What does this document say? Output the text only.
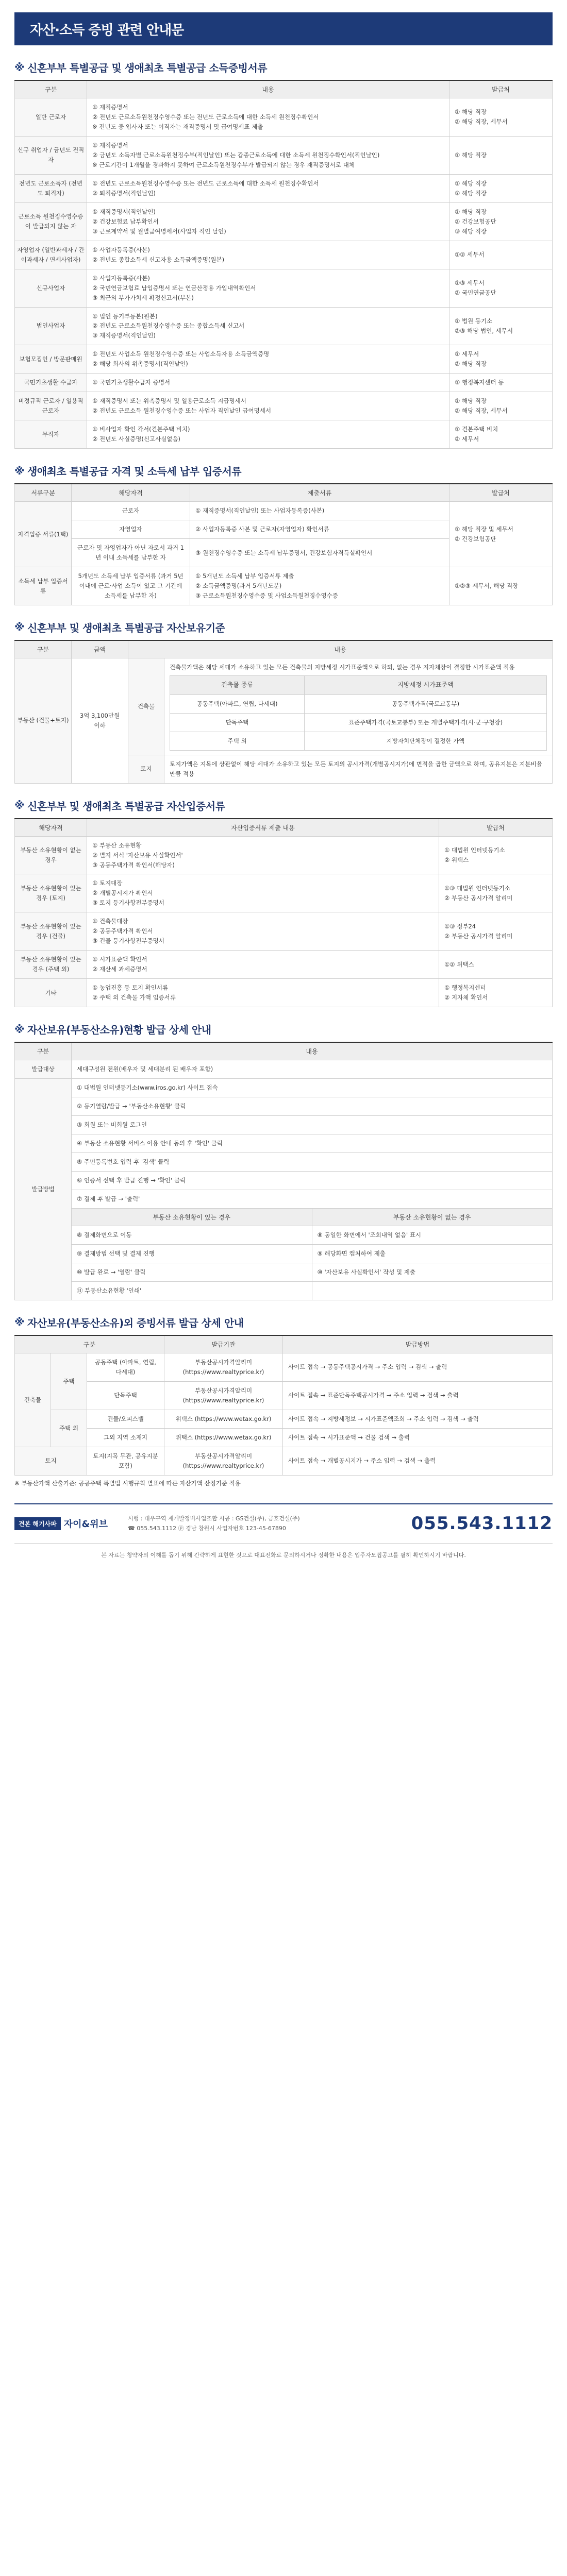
자산·소득 증빙 관련 안내문
※ 신혼부부 특별공급 및 생애최초 특별공급 소득증빙서류
구분	내용	발급처
일반 근로자	① 재직증명서
② 전년도 근로소득원천징수영수증 또는 전년도 근로소득에 대한 소득세 원천징수확인서
※ 전년도 중 입사자 또는 이직자는 재직증명서 및 급여명세표 제출	① 해당 직장
② 해당 직장, 세무서
신규 취업자 / 금년도 전직자	① 재직증명서
② 금년도 소득자별 근로소득원천징수부(직인날인) 또는 갑종근로소득에 대한 소득세 원천징수확인서(직인날인)
※ 근로기간이 1개월을 경과하지 못하여 근로소득원천징수부가 발급되지 않는 경우 재직증명서로 대체	① 해당 직장
전년도 근로소득자 (전년도 퇴직자)	① 전년도 근로소득원천징수영수증 또는 전년도 근로소득에 대한 소득세 원천징수확인서
② 퇴직증명서(직인날인)	① 해당 직장
② 해당 직장
근로소득 원천징수영수증이 발급되지 않는 자	① 재직증명서(직인날인)
② 건강보험료 납부확인서
③ 근로계약서 및 월별급여명세서(사업자 직인 날인)	① 해당 직장
② 건강보험공단
③ 해당 직장
자영업자 (일반과세자 / 간이과세자 / 면세사업자)	① 사업자등록증(사본)
② 전년도 종합소득세 신고자용 소득금액증명(원본)	①② 세무서
신규사업자	① 사업자등록증(사본)
② 국민연금보험료 납입증명서 또는 연금산정용 가입내역확인서
③ 최근의 부가가치세 확정신고서(부본)	①③ 세무서
② 국민연금공단
법인사업자	① 법인 등기부등본(원본)
② 전년도 근로소득원천징수영수증 또는 종합소득세 신고서
③ 재직증명서(직인날인)	① 법원 등기소
②③ 해당 법인, 세무서
보험모집인 / 방문판매원	① 전년도 사업소득 원천징수영수증 또는 사업소득자용 소득금액증명
② 해당 회사의 위촉증명서(직인날인)	① 세무서
② 해당 직장
국민기초생활 수급자	① 국민기초생활수급자 증명서	① 행정복지센터 등
비정규직 근로자 / 일용직 근로자	① 재직증명서 또는 위촉증명서 및 일용근로소득 지급명세서
② 전년도 근로소득 원천징수영수증 또는 사업자 직인날인 급여명세서	① 해당 직장
② 해당 직장, 세무서
무직자	① 비사업자 확인 각서(견본주택 비치)
② 전년도 사실증명(신고사실없음)	① 견본주택 비치
② 세무서
※ 생애최초 특별공급 자격 및 소득세 납부 입증서류
서류구분	해당자격	제출서류	발급처
자격입증 서류(1택)	근로자	① 재직증명서(직인날인) 또는 사업자등록증(사본)	① 해당 직장 및 세무서
② 건강보험공단
	자영업자	② 사업자등록증 사본 및 근로자(자영업자) 확인서류	
	근로자 및 자영업자가 아닌 자로서 과거 1년 이내 소득세를 납부한 자	③ 원천징수영수증 또는 소득세 납부증명서, 건강보험자격득실확인서	
소득세 납부 입증서류	5개년도 소득세 납부 입증서류 (과거 5년 이내에 근로·사업 소득이 있고 그 기간에 소득세를 납부한 자)	① 5개년도 소득세 납부 입증서류 제출
② 소득금액증명(과거 5개년도분)
③ 근로소득원천징수영수증 및 사업소득원천징수영수증	①②③ 세무서, 해당 직장
※ 신혼부부 및 생애최초 특별공급 자산보유기준
구분	금액	내용
부동산 (건물+토지)	3억 3,100만원 이하	건축물	
건축물가액은 해당 세대가 소유하고 있는 모든 건축물의 지방세정 시가표준액으로 하되, 없는 경우 지자체장이 결정한 시가표준액 적용
건축물 종류	지방세정 시가표준액
공동주택(아파트, 연립, 다세대)	공동주택가격(국토교통부)
단독주택	표준주택가격(국토교통부) 또는 개별주택가격(시·군·구청장)
주택 외	지방자치단체장이 결정한 가액

토지	토지가액은 지목에 상관없이 해당 세대가 소유하고 있는 모든 토지의 공시가격(개별공시지가)에 면적을 곱한 금액으로 하며, 공유지분은 지분비율만큼 적용
※ 신혼부부 및 생애최초 특별공급 자산입증서류
해당자격	자산입증서류 제출 내용	발급처
부동산 소유현황이 없는 경우	① 부동산 소유현황
② 별지 서식 '자산보유 사실확인서'
③ 공동주택가격 확인서(해당자)	① 대법원 인터넷등기소
② 위택스
부동산 소유현황이 있는 경우 (토지)	① 토지대장
② 개별공시지가 확인서
③ 토지 등기사항전부증명서	①③ 대법원 인터넷등기소
② 부동산 공시가격 알리미
부동산 소유현황이 있는 경우 (건물)	① 건축물대장
② 공동주택가격 확인서
③ 건물 등기사항전부증명서	①③ 정부24
② 부동산 공시가격 알리미
부동산 소유현황이 있는 경우 (주택 외)	① 시가표준액 확인서
② 재산세 과세증명서	①② 위택스
기타	① 농업진흥 등 토지 확인서류
② 주택 외 건축물 가액 입증서류	① 행정복지센터
② 지자체 확인서
※ 자산보유(부동산소유)현황 발급 상세 안내
구분	내용	
발급대상	세대구성원 전원(배우자 및 세대분리 된 배우자 포함)	
발급방법	① 대법원 인터넷등기소(www.iros.go.kr) 사이트 접속	
	② 등기열람/발급 → '부동산소유현황' 클릭	
	③ 회원 또는 비회원 로그인	
	④ 부동산 소유현황 서비스 이용 안내 동의 후 '확인' 클릭	
	⑤ 주민등록번호 입력 후 '검색' 클릭	
	⑥ 인증서 선택 후 발급 진행 → '확인' 클릭	
	⑦ 결제 후 발급 → '출력'	
	부동산 소유현황이 있는 경우	부동산 소유현황이 없는 경우
	⑧ 결제화면으로 이동	⑧ 동일한 화면에서 '조회내역 없음' 표시
	⑨ 결제방법 선택 및 결제 진행	⑨ 해당화면 캡처하여 제출
	⑩ 발급 완료 → '열람' 클릭	⑩ '자산보유 사실확인서' 작성 및 제출
	⑪ 부동산소유현황 '인쇄'	
※ 자산보유(부동산소유)외 증빙서류 발급 상세 안내
구분			발급기관	발급방법
건축물	주택	공동주택 (아파트, 연립, 다세대)	부동산공시가격알리미 (https://www.realtyprice.kr)	사이트 접속 → 공동주택공시가격 → 주소 입력 → 검색 → 출력
		단독주택	부동산공시가격알리미 (https://www.realtyprice.kr)	사이트 접속 → 표준단독주택공시가격 → 주소 입력 → 검색 → 출력
	주택 외	건물/오피스텔	위택스 (https://www.wetax.go.kr)	사이트 접속 → 지방세정보 → 시가표준액조회 → 주소 입력 → 검색 → 출력
		그외 지역 소재지	위택스 (https://www.wetax.go.kr)	사이트 접속 → 시가표준액 → 건물 검색 → 출력
토지		토지(지목 무관, 공유지분 포함)	부동산공시가격알리미 (https://www.realtyprice.kr)	사이트 접속 → 개별공시지가 → 주소 입력 → 검색 → 출력
※ 부동산가액 산출기준: 공공주택 특별법 시행규칙 별표에 따른 자산가액 산정기준 적용
견본 해기사파 자이&위브
시행 : 대우구역 재개발정비사업조합 시공 : GS건설(주), 금호건설(주)
☎ 055.543.1112 ⓟ 경남 창원시 사업자번호 123-45-67890	055.543.1112
본 자료는 청약자의 이해를 돕기 위해 간략하게 표현한 것으로 대표전화로 문의하시거나 정확한 내용은 입주자모집공고를 필히 확인하시기 바랍니다.
